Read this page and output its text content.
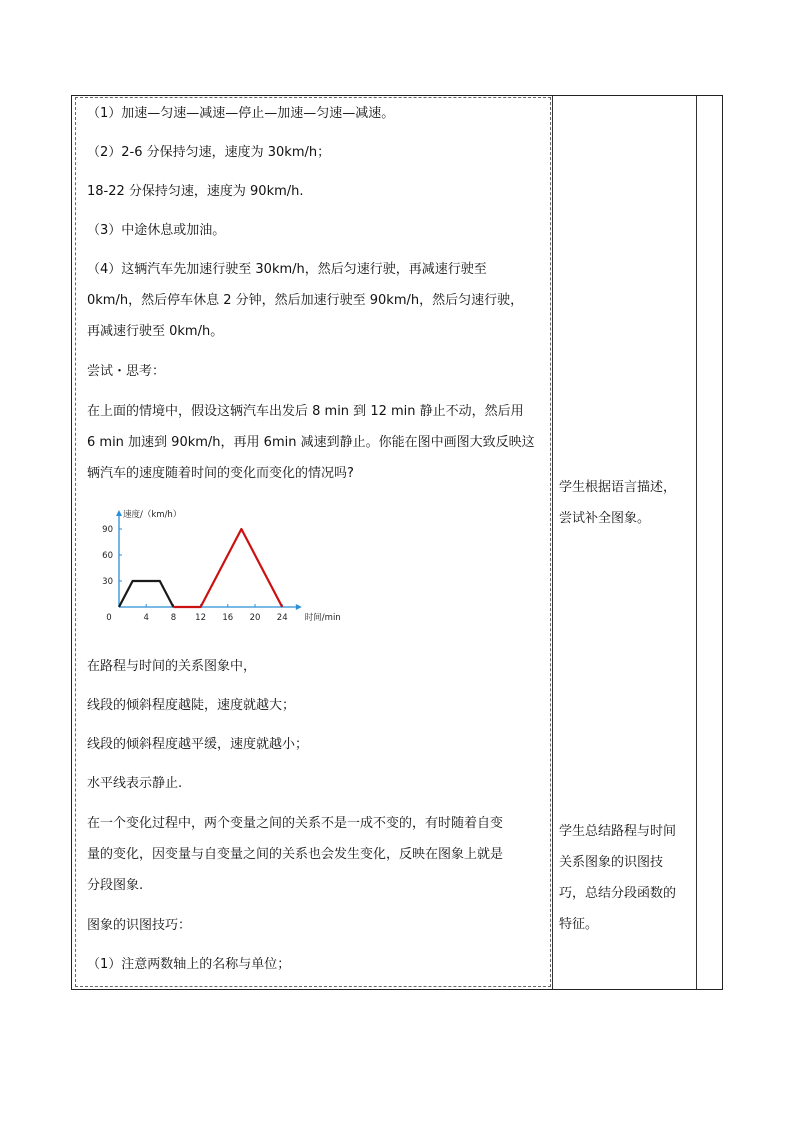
（1）加速—匀速—减速—停止—加速—匀速—减速。
（2）2-6 分保持匀速，速度为 30km/h；
18-22 分保持匀速，速度为 90km/h.
（3）中途休息或加油。
（4）这辆汽车先加速行驶至 30km/h，然后匀速行驶，再减速行驶至
0km/h，然后停车休息 2 分钟，然后加速行驶至 90km/h，然后匀速行驶，
再减速行驶至 0km/h。
尝试・思考：
在上面的情境中，假设这辆汽车出发后 8 min 到 12 min 静止不动，然后用
6 min 加速到 90km/h，再用 6min 减速到静止。你能在图中画图大致反映这
辆汽车的速度随着时间的变化而变化的情况吗?
0	4	8 12 16 20 24
30
60
90
速度/（km/h）
时间/min
在路程与时间的关系图象中，
线段的倾斜程度越陡，速度就越大；
线段的倾斜程度越平缓，速度就越小；
水平线表示静止.
在一个变化过程中，两个变量之间的关系不是一成不变的，有时随着自变
量的变化，因变量与自变量之间的关系也会发生变化，反映在图象上就是
分段图象.
图象的识图技巧：
（1）注意两数轴上的名称与单位；
学生根据语言描述，
尝试补全图象。
学生总结路程与时间
关系图象的识图技
巧，总结分段函数的
特征。
